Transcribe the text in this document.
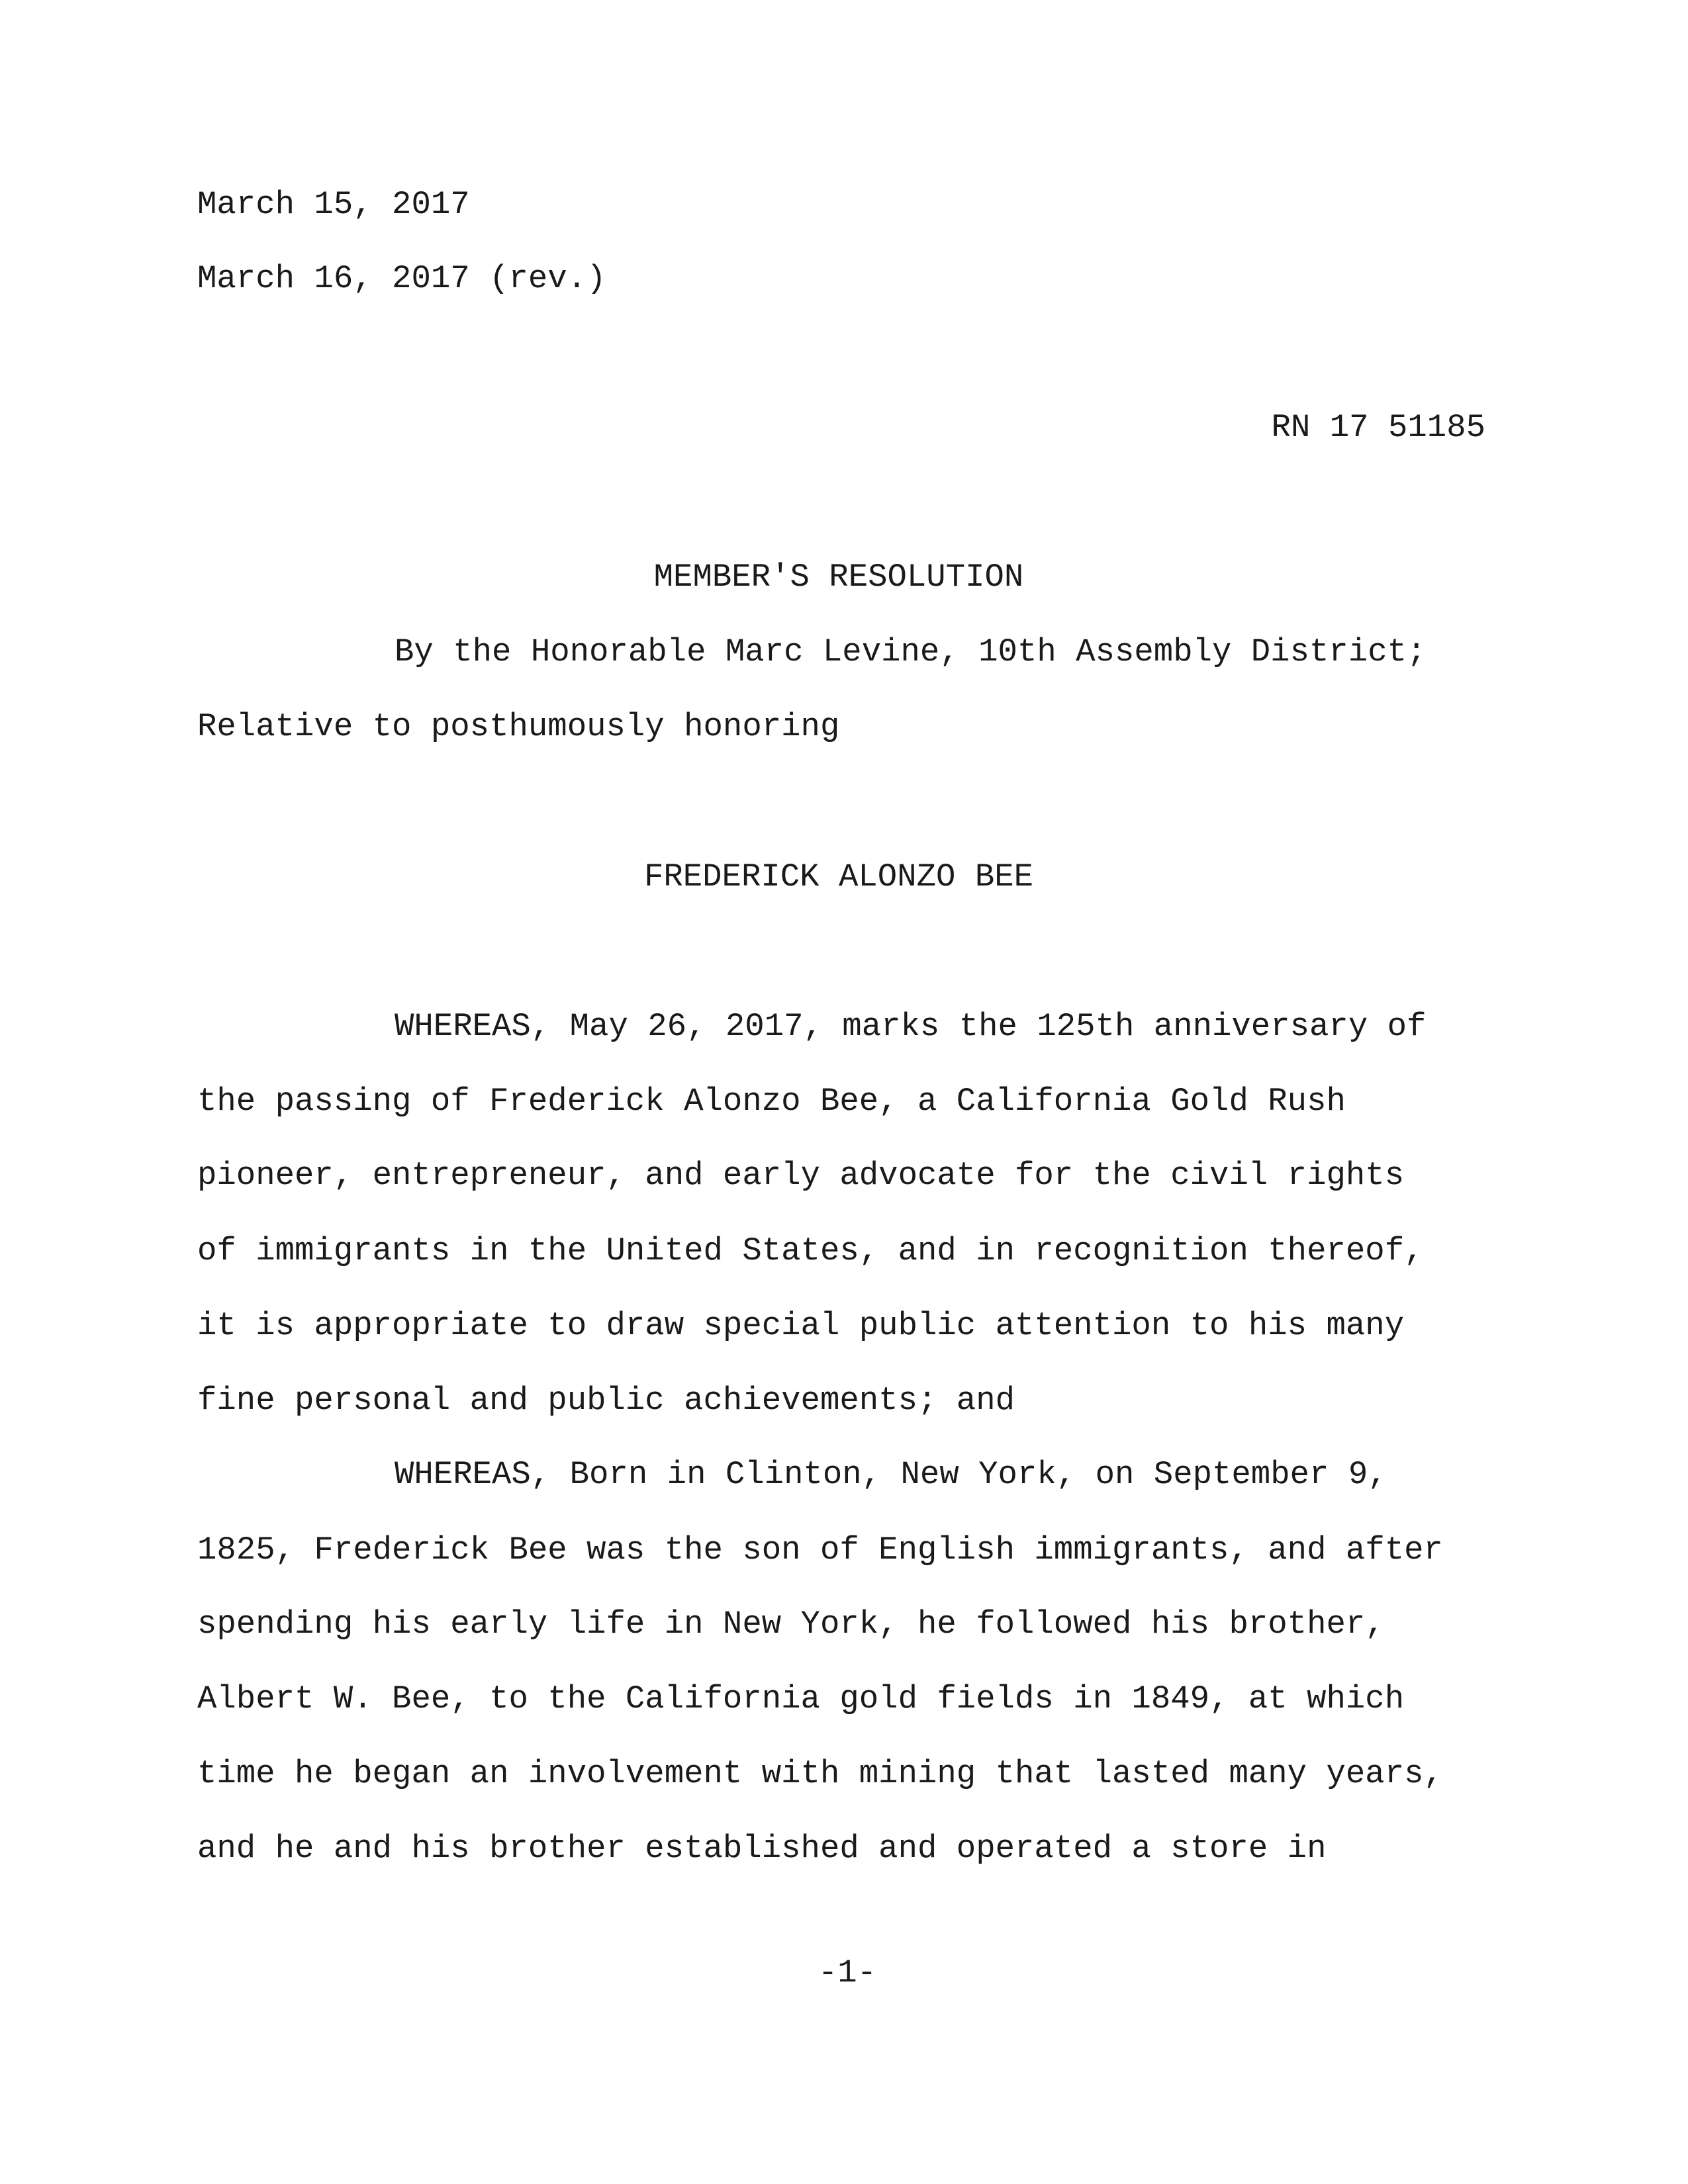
March 15, 2017
March 16, 2017 (rev.)
RN 17 51185
MEMBER'S RESOLUTION
By the Honorable Marc Levine, 10th Assembly District;
Relative to posthumously honoring
FREDERICK ALONZO BEE
WHEREAS, May 26, 2017, marks the 125th anniversary of
the passing of Frederick Alonzo Bee, a California Gold Rush
pioneer, entrepreneur, and early advocate for the civil rights
of immigrants in the United States, and in recognition thereof,
it is appropriate to draw special public attention to his many
fine personal and public achievements; and
WHEREAS, Born in Clinton, New York, on September 9,
1825, Frederick Bee was the son of English immigrants, and after
spending his early life in New York, he followed his brother,
Albert W. Bee, to the California gold fields in 1849, at which
time he began an involvement with mining that lasted many years,
and he and his brother established and operated a store in
-1-
